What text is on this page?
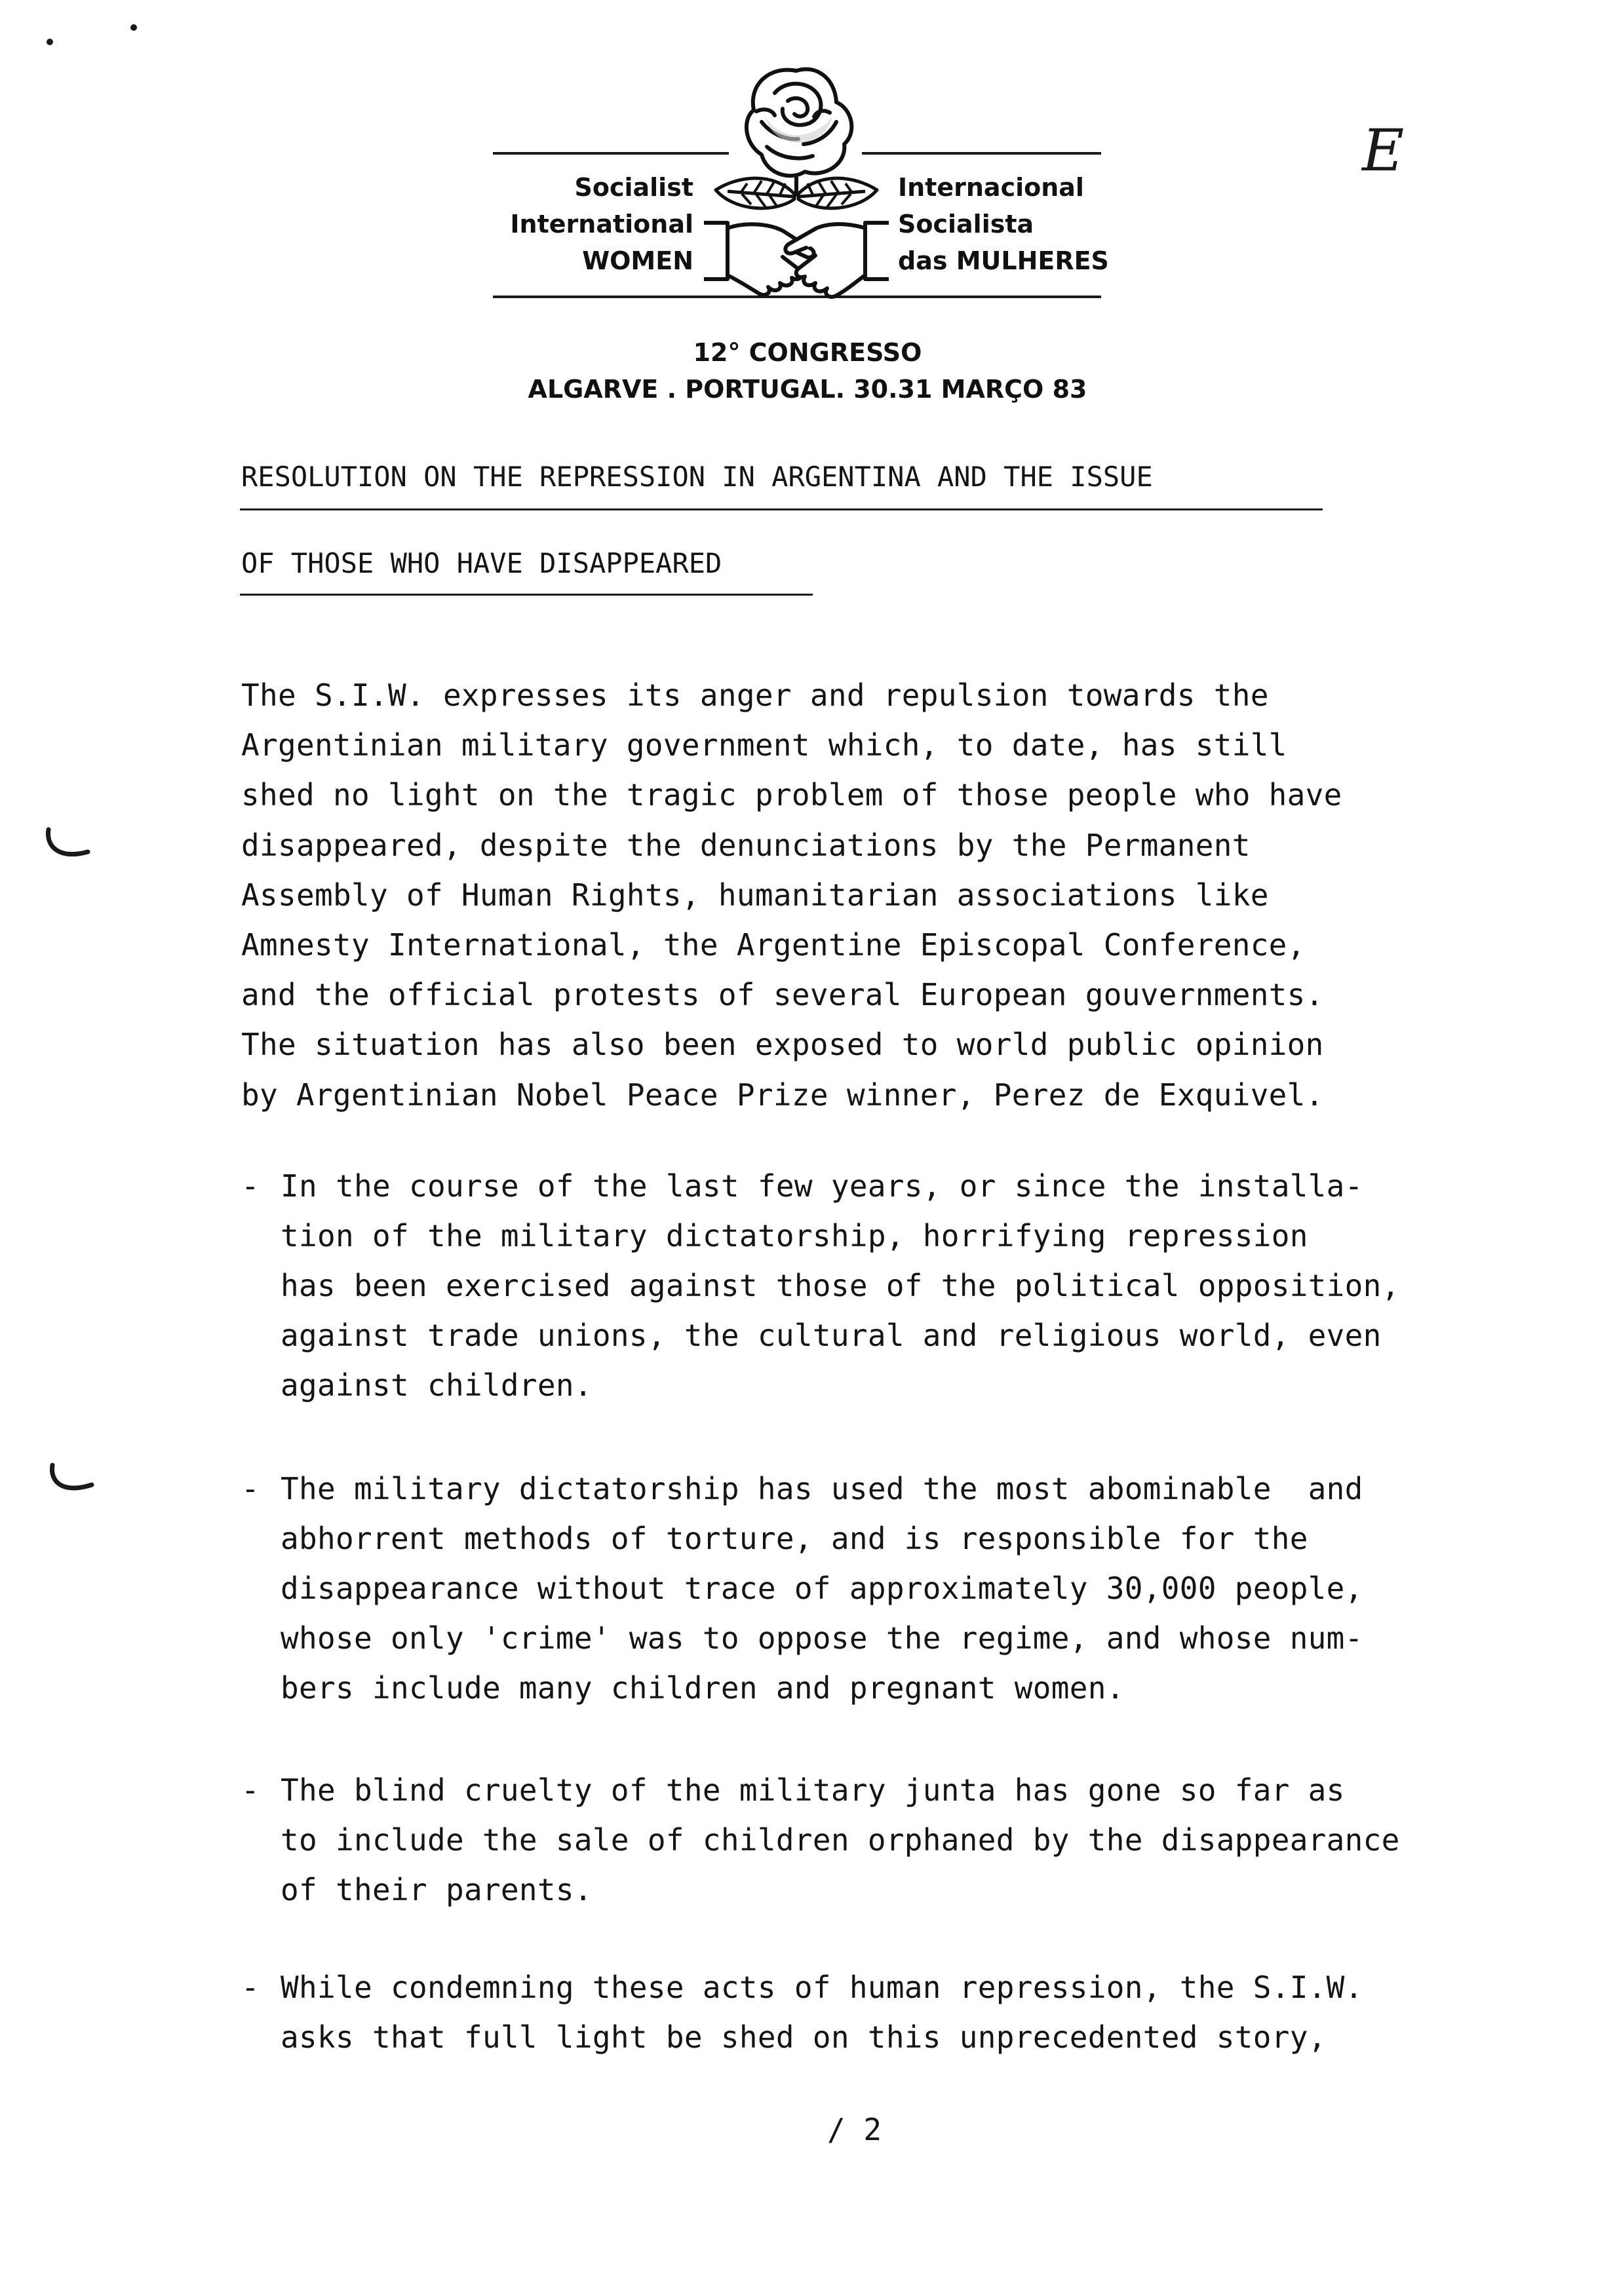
Socialist
International
WOMEN
Internacional
Socialista
das MULHERES
12° CONGRESSO
ALGARVE . PORTUGAL. 30.31 MARÇO 83
E
RESOLUTION ON THE REPRESSION IN ARGENTINA AND THE ISSUE
OF THOSE WHO HAVE DISAPPEARED
The S.I.W. expresses its anger and repulsion towards the
Argentinian military government which, to date, has still
shed no light on the tragic problem of those people who have
disappeared, despite the denunciations by the Permanent
Assembly of Human Rights, humanitarian associations like
Amnesty International, the Argentine Episcopal Conference,
and the official protests of several European gouvernments.
The situation has also been exposed to world public opinion
by Argentinian Nobel Peace Prize winner, Perez de Exquivel.

-

In the course of the last few years, or since the installa-
tion of the military dictatorship, horrifying repression
has been exercised against those of the political opposition,
against trade unions, the cultural and religious world, even
against children.

-

The military dictatorship has used the most abominable  and
abhorrent methods of torture, and is responsible for the
disappearance without trace of approximately 30,000 people,
whose only 'crime' was to oppose the regime, and whose num-
bers include many children and pregnant women.

-

The blind cruelty of the military junta has gone so far as
to include the sale of children orphaned by the disappearance
of their parents.

-

While condemning these acts of human repression, the S.I.W.
asks that full light be shed on this unprecedented story,

/ 2
